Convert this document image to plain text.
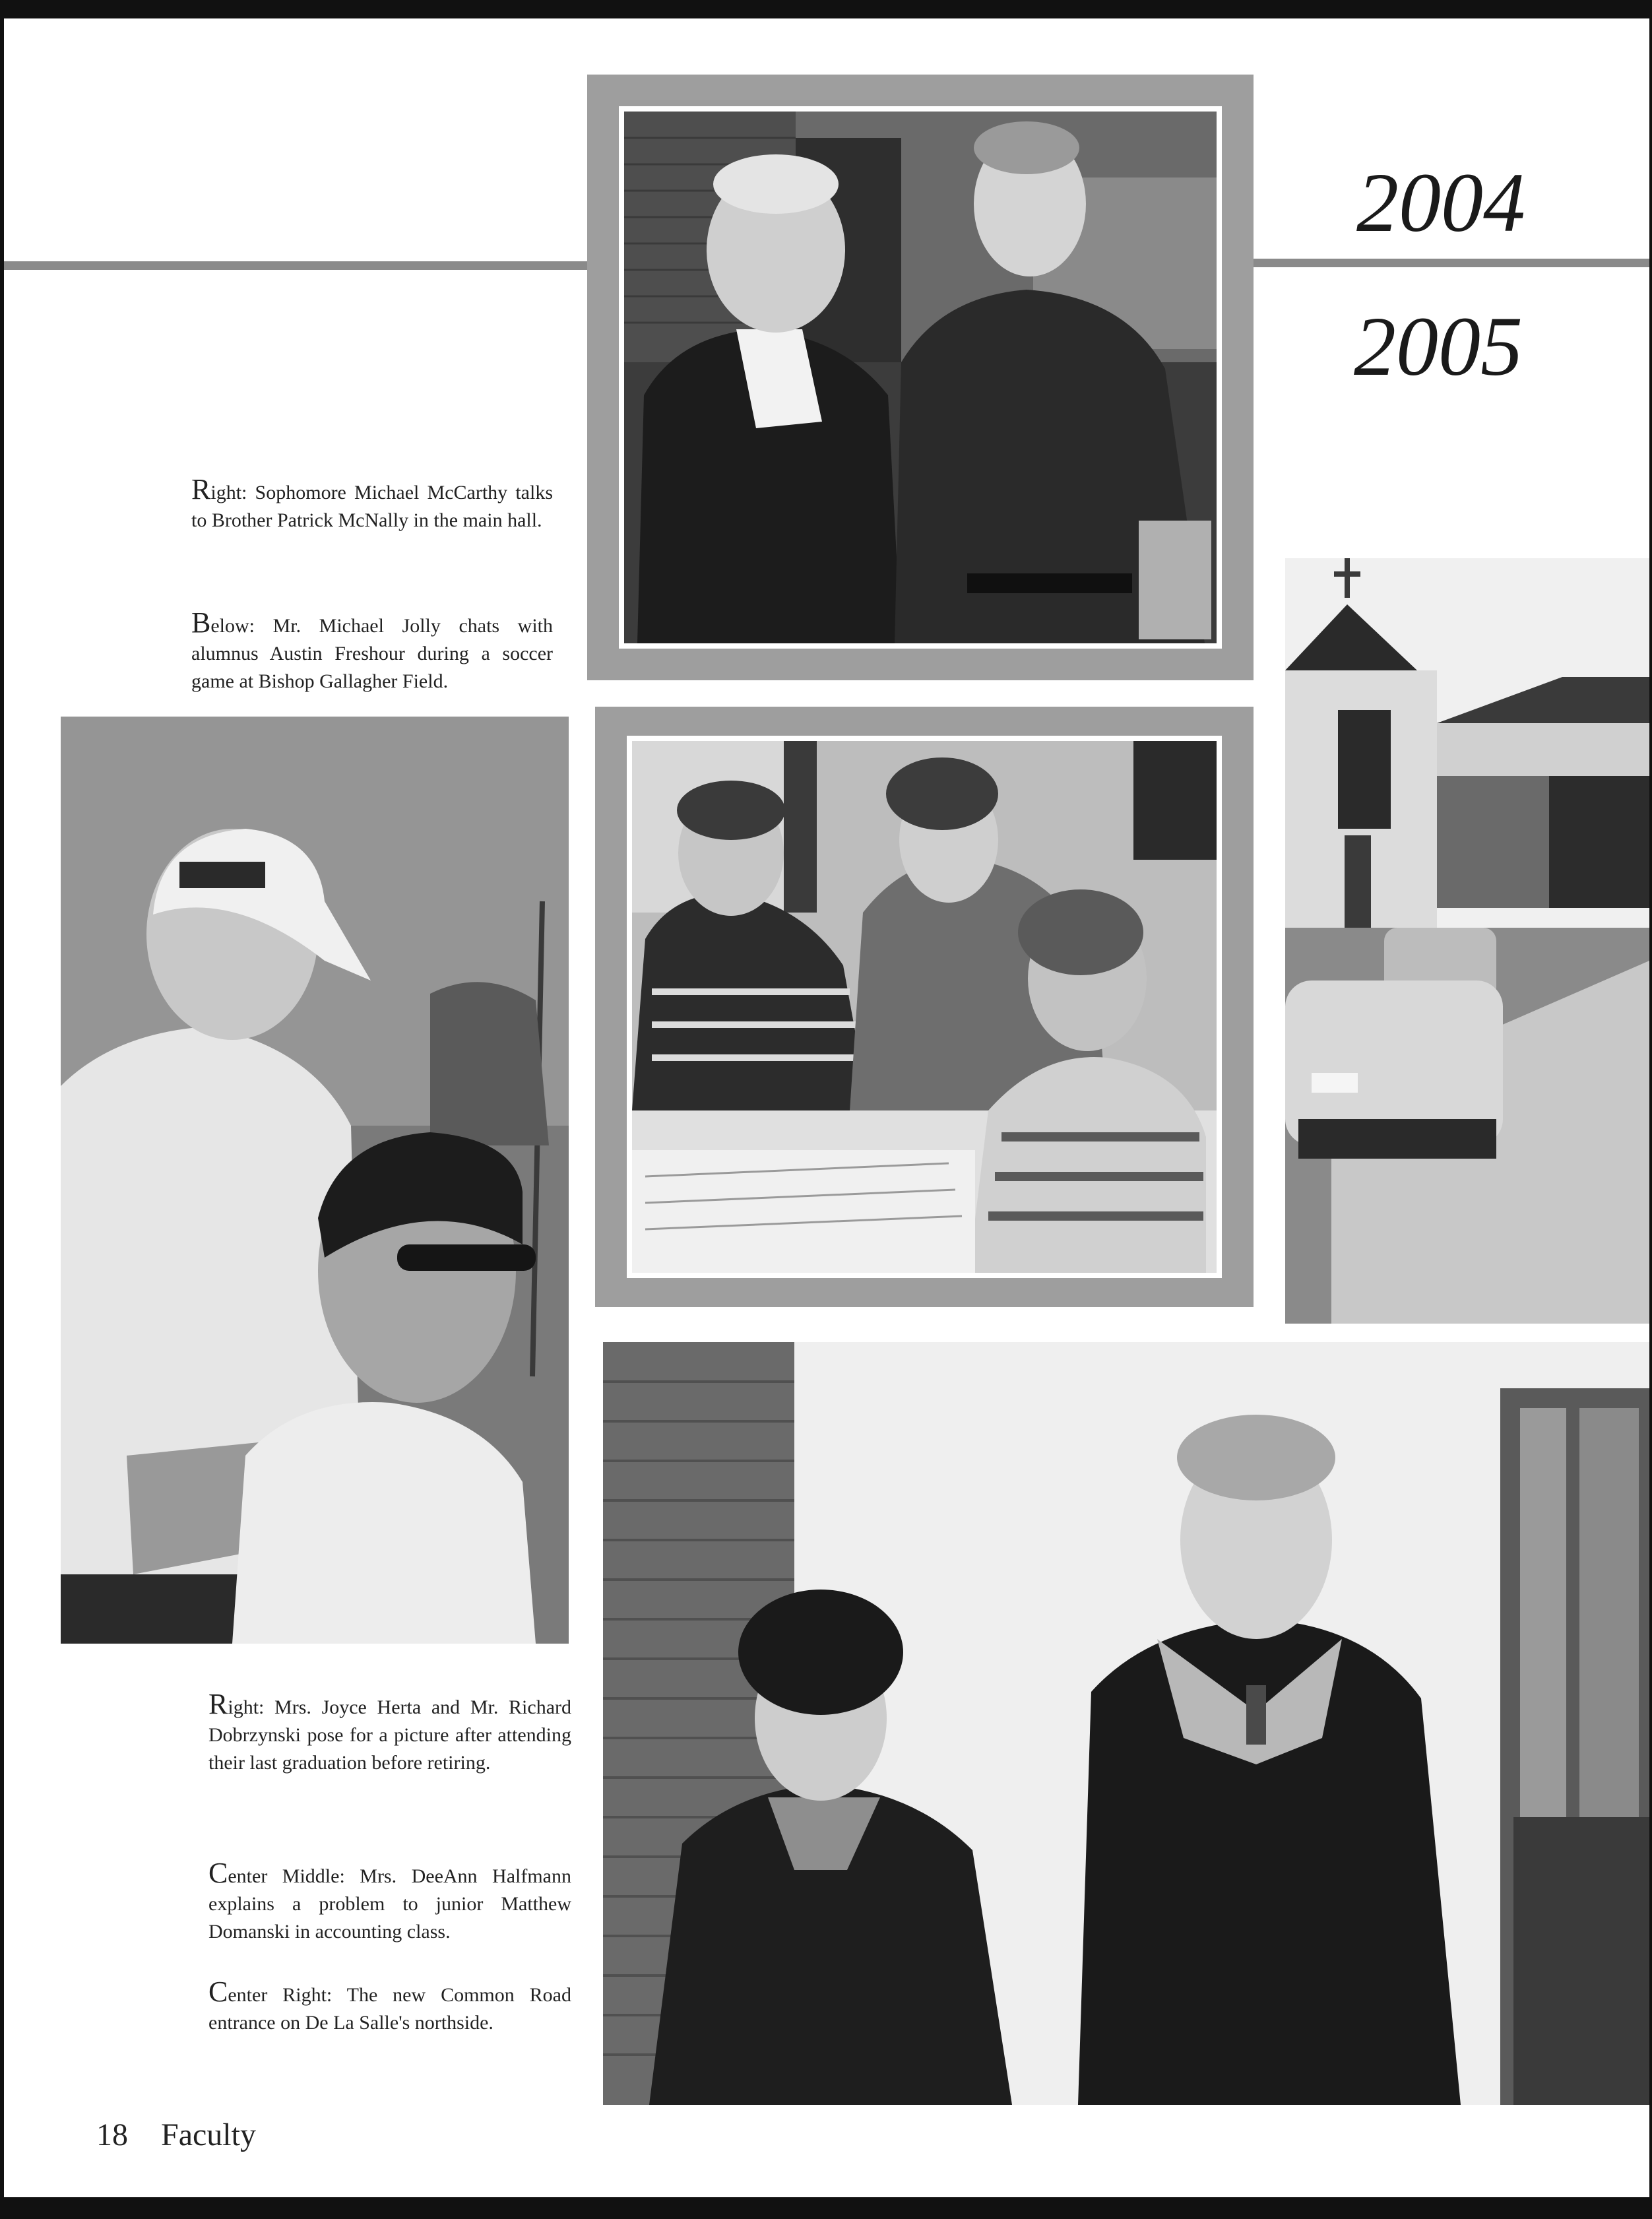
2004
2005
Right: Sophomore Michael McCarthy talks to Brother Patrick McNally in the main hall.
Below: Mr. Michael Jolly chats with alumnus Austin Freshour during a soccer game at Bishop Gallagher Field.
Right: Mrs. Joyce Herta and Mr. Richard Dobrzynski pose for a picture after attending their last graduation before retiring.
Center Middle: Mrs. DeeAnn Halfmann explains a problem to junior Matthew Domanski in accounting class.
Center Right: The new Common Road entrance on De La Salle's northside.
18 Faculty
